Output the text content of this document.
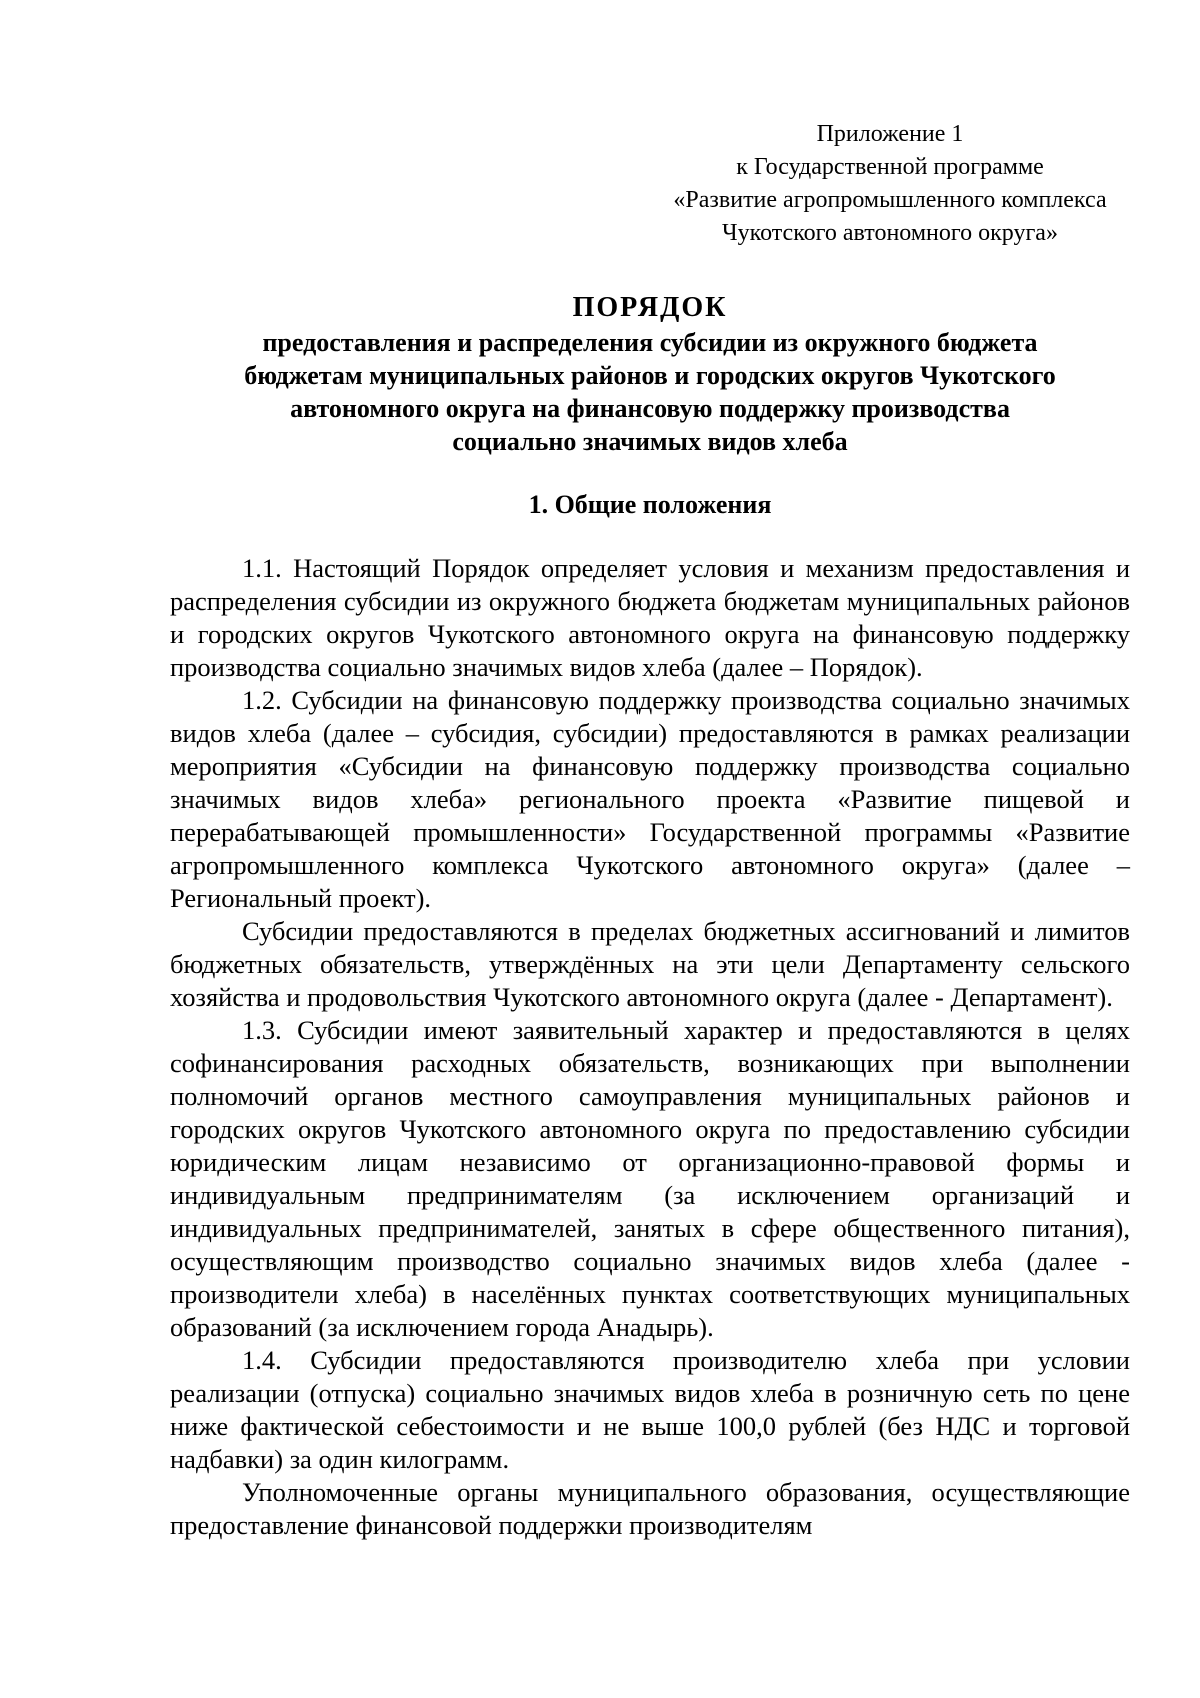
Приложение 1
к Государственной программе
«Развитие агропромышленного комплекса
Чукотского автономного округа»
ПОРЯДОК
предоставления и распределения субсидии из окружного бюджета
бюджетам муниципальных районов и городских округов Чукотского
автономного округа на финансовую поддержку производства
социально значимых видов хлеба
1. Общие положения

1.1. Настоящий Порядок определяет условия и механизм предоставления и распределения субсидии из окружного бюджета бюджетам муниципальных районов и городских округов Чукотского автономного округа на финансовую поддержку производства социально значимых видов хлеба (далее – Порядок).

1.2. Субсидии на финансовую поддержку производства социально значимых видов хлеба (далее – субсидия, субсидии) предоставляются в рамках реализации мероприятия «Субсидии на финансовую поддержку производства социально значимых видов хлеба» регионального проекта «Развитие пищевой и перерабатывающей промышленности» Государственной программы «Развитие агропромышленного комплекса Чукотского автономного округа» (далее – Региональный проект).

Субсидии предоставляются в пределах бюджетных ассигнований и лимитов бюджетных обязательств, утверждённых на эти цели Департаменту сельского хозяйства и продовольствия Чукотского автономного округа (далее - Департамент).

1.3. Субсидии имеют заявительный характер и предоставляются в целях софинансирования расходных обязательств, возникающих при выполнении полномочий органов местного самоуправления муниципальных районов и городских округов Чукотского автономного округа по предоставлению субсидии юридическим лицам независимо от организационно-правовой формы и индивидуальным предпринимателям (за исключением организаций и индивидуальных предпринимателей, занятых в сфере общественного питания), осуществляющим производство социально значимых видов хлеба (далее - производители хлеба) в населённых пунктах соответствующих муниципальных образований (за исключением города Анадырь).

1.4. Субсидии предоставляются производителю хлеба при условии реализации (отпуска) социально значимых видов хлеба в розничную сеть по цене ниже фактической себестоимости и не выше 100,0 рублей (без НДС и торговой надбавки) за один килограмм.

Уполномоченные органы муниципального образования, осуществляющие предоставление финансовой поддержки производителям
